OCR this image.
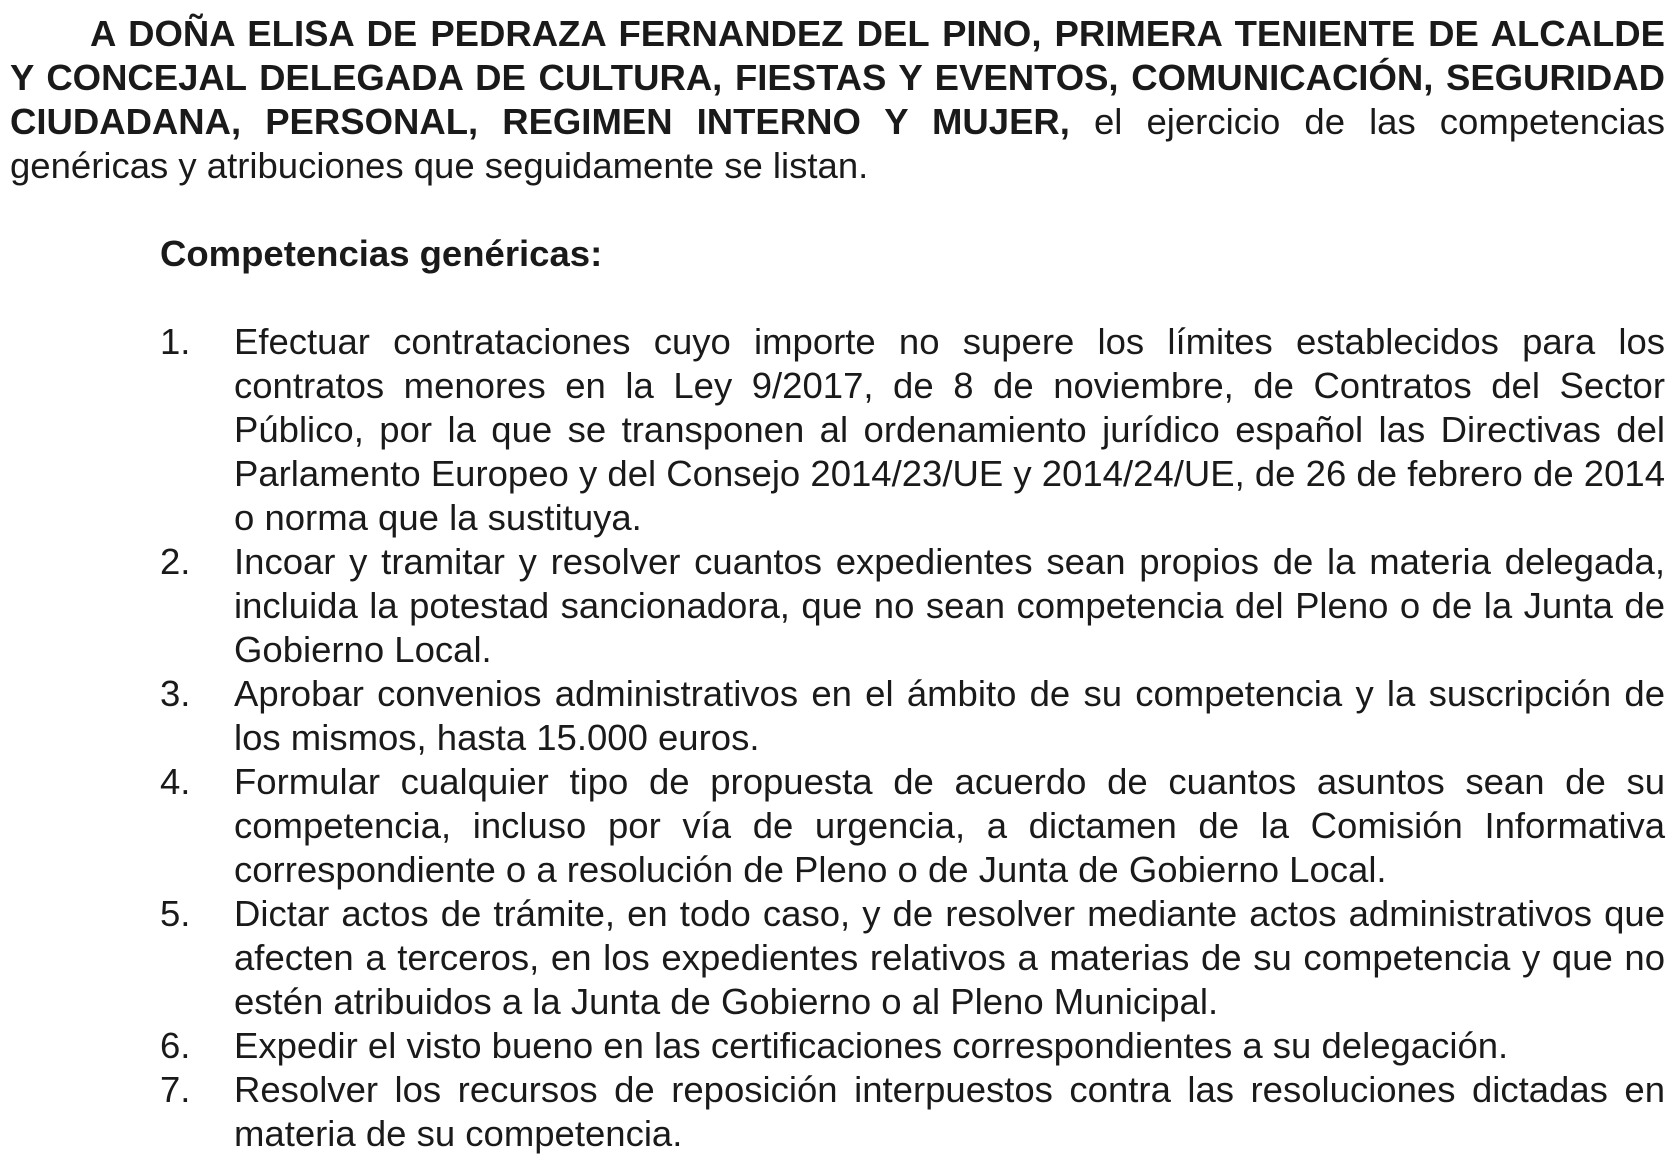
A DOÑA ELISA DE PEDRAZA FERNANDEZ DEL PINO, PRIMERA TENIENTE DE ALCALDE Y CONCEJAL DELEGADA DE CULTURA, FIESTAS Y EVENTOS, COMUNICACIÓN, SEGURIDAD CIUDADANA, PERSONAL, REGIMEN INTERNO Y MUJER, el ejercicio de las competencias genéricas y atribuciones que seguidamente se listan.

Competencias genéricas:
1.	Efectuar contrataciones cuyo importe no supere los límites establecidos para los contratos menores en la Ley 9/2017, de 8 de noviembre, de Contratos del Sector Público, por la que se transponen al ordenamiento jurídico español las Directivas del Parlamento Europeo y del Consejo 2014/23/UE y 2014/24/UE, de 26 de febrero de 2014 o norma que la sustituya.
2.	Incoar y tramitar y resolver cuantos expedientes sean propios de la materia delegada, incluida la potestad sancionadora, que no sean competencia del Pleno o de la Junta de Gobierno Local.
3.	Aprobar convenios administrativos en el ámbito de su competencia y la suscripción de los mismos, hasta 15.000 euros.
4.	Formular cualquier tipo de propuesta de acuerdo de cuantos asuntos sean de su competencia, incluso por vía de urgencia, a dictamen de la Comisión Informativa correspondiente o a resolución de Pleno o de Junta de Gobierno Local.
5.	Dictar actos de trámite, en todo caso, y de resolver mediante actos administrativos que afecten a terceros, en los expedientes relativos a materias de su competencia y que no estén atribuidos a la Junta de Gobierno o al Pleno Municipal.
6.	Expedir el visto bueno en las certificaciones correspondientes a su delegación.
7.	Resolver los recursos de reposición interpuestos contra las resoluciones dictadas en materia de su competencia.
